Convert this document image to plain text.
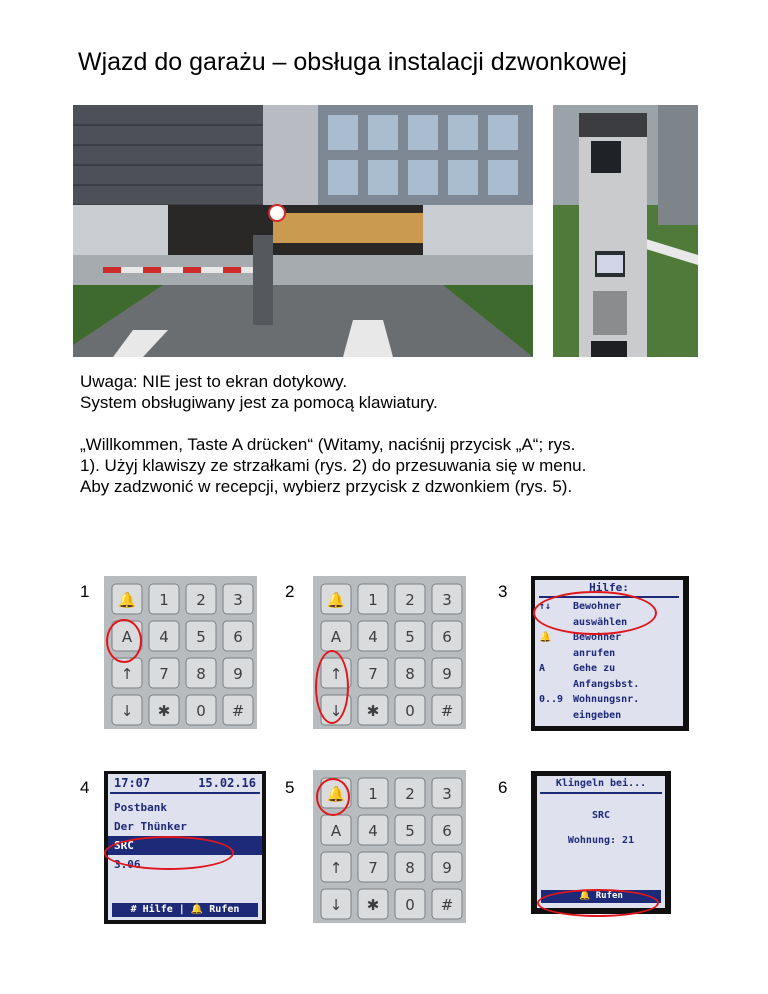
Wjazd do garażu – obsługa instalacji dzwonkowej

Uwaga: NIE jest to ekran dotykowy.

System obsługiwany jest za pomocą klawiatury.

„Willkommen, Taste A drücken“ (Witamy, naciśnij przycisk „A“; rys.

1). Użyj klawiszy ze strzałkami (rys. 2) do przesuwania się w menu.

Aby zadzwonić w recepcji, wybierz przycisk z dzwonkiem (rys. 5).

1	2	3
4	5	6
🔔 1 2 3
A 4 5 6
↑ 7 8 9
↓ ✱ 0 #
🔔 1 2 3
A 4 5 6
↑ 7 8 9
↓ ✱ 0 #
🔔 1 2 3
A 4 5 6
↑ 7 8 9
↓ ✱ 0 #
Hilfe:
↑↓	Bewohner
auswählen
🔔	Bewohner
anrufen
A	Gehe zu
Anfangsbst.
0..9 Wohnungsnr.
eingeben
17:07	15.02.16
Postbank
Der Thünker
SRC
3.06
# Hilfe | 🔔 Rufen
Klingeln bei...
SRC
Wohnung: 21
🔔 Rufen
